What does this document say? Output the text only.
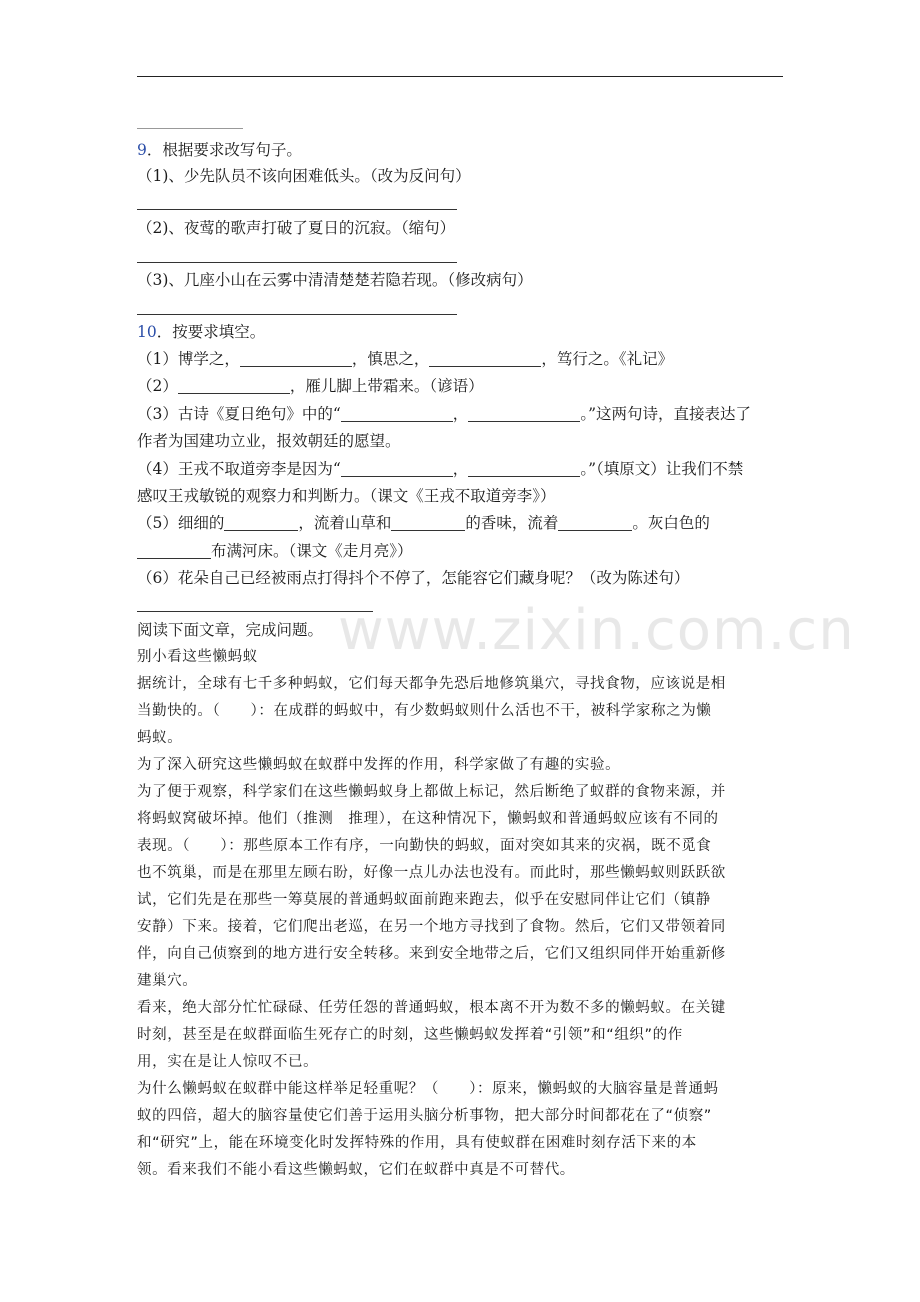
9．根据要求改写句子。
（1)、少先队员不该向困难低头。（改为反问句）
（2)、夜莺的歌声打破了夏日的沉寂。（缩句）
（3)、几座小山在云雾中清清楚楚若隐若现。（修改病句）
10．按要求填空。
（1）博学之，	，慎思之，	，笃行之。《礼记》
（2）	，雁儿脚上带霜来。（谚语）
（3）古诗《夏日绝句》中的“	，	。”这两句诗，直接表达了
作者为国建功立业，报效朝廷的愿望。
（4）王戎不取道旁李是因为“	，	。”（填原文）让我们不禁
感叹王戎敏锐的观察力和判断力。（课文《王戎不取道旁李》）
（5）细细的	，流着山草和	的香味，流着	。灰白色的
布满河床。（课文《走月亮》）
（6）花朵自己已经被雨点打得抖个不停了，怎能容它们藏身呢？（改为陈述句）
www.zixin.com.cn
阅读下面文章，完成问题。
别小看这些懒蚂蚁
据统计，全球有七千多种蚂蚁，它们每天都争先恐后地修筑巢穴，寻找食物，应该说是相
当勤快的。（　　）：在成群的蚂蚁中，有少数蚂蚁则什么活也不干，被科学家称之为懒
蚂蚁。
为了深入研究这些懒蚂蚁在蚁群中发挥的作用，科学家做了有趣的实验。
为了便于观察，科学家们在这些懒蚂蚁身上都做上标记，然后断绝了蚁群的食物来源，并
将蚂蚁窝破坏掉。他们（推测　推理），在这种情况下，懒蚂蚁和普通蚂蚁应该有不同的
表现。（　　）：那些原本工作有序，一向勤快的蚂蚁，面对突如其来的灾祸，既不觅食
也不筑巢，而是在那里左顾右盼，好像一点儿办法也没有。而此时，那些懒蚂蚁则跃跃欲
试，它们先是在那些一筹莫展的普通蚂蚁面前跑来跑去，似乎在安慰同伴让它们（镇静
安静）下来。接着，它们爬出老巡，在另一个地方寻找到了食物。然后，它们又带领着同
伴，向自己侦察到的地方进行安全转移。来到安全地带之后，它们又组织同伴开始重新修
建巢穴。
看来，绝大部分忙忙碌碌、任劳任怨的普通蚂蚁，根本离不开为数不多的懒蚂蚁。在关键
时刻，甚至是在蚁群面临生死存亡的时刻，这些懒蚂蚁发挥着“引领”和“组织”的作
用，实在是让人惊叹不已。
为什么懒蚂蚁在蚁群中能这样举足轻重呢？（　　）：原来，懒蚂蚁的大脑容量是普通蚂
蚁的四倍，超大的脑容量使它们善于运用头脑分析事物，把大部分时间都花在了“侦察”
和“研究”上，能在环境变化时发挥特殊的作用，具有使蚁群在困难时刻存活下来的本
领。看来我们不能小看这些懒蚂蚁，它们在蚁群中真是不可替代。
